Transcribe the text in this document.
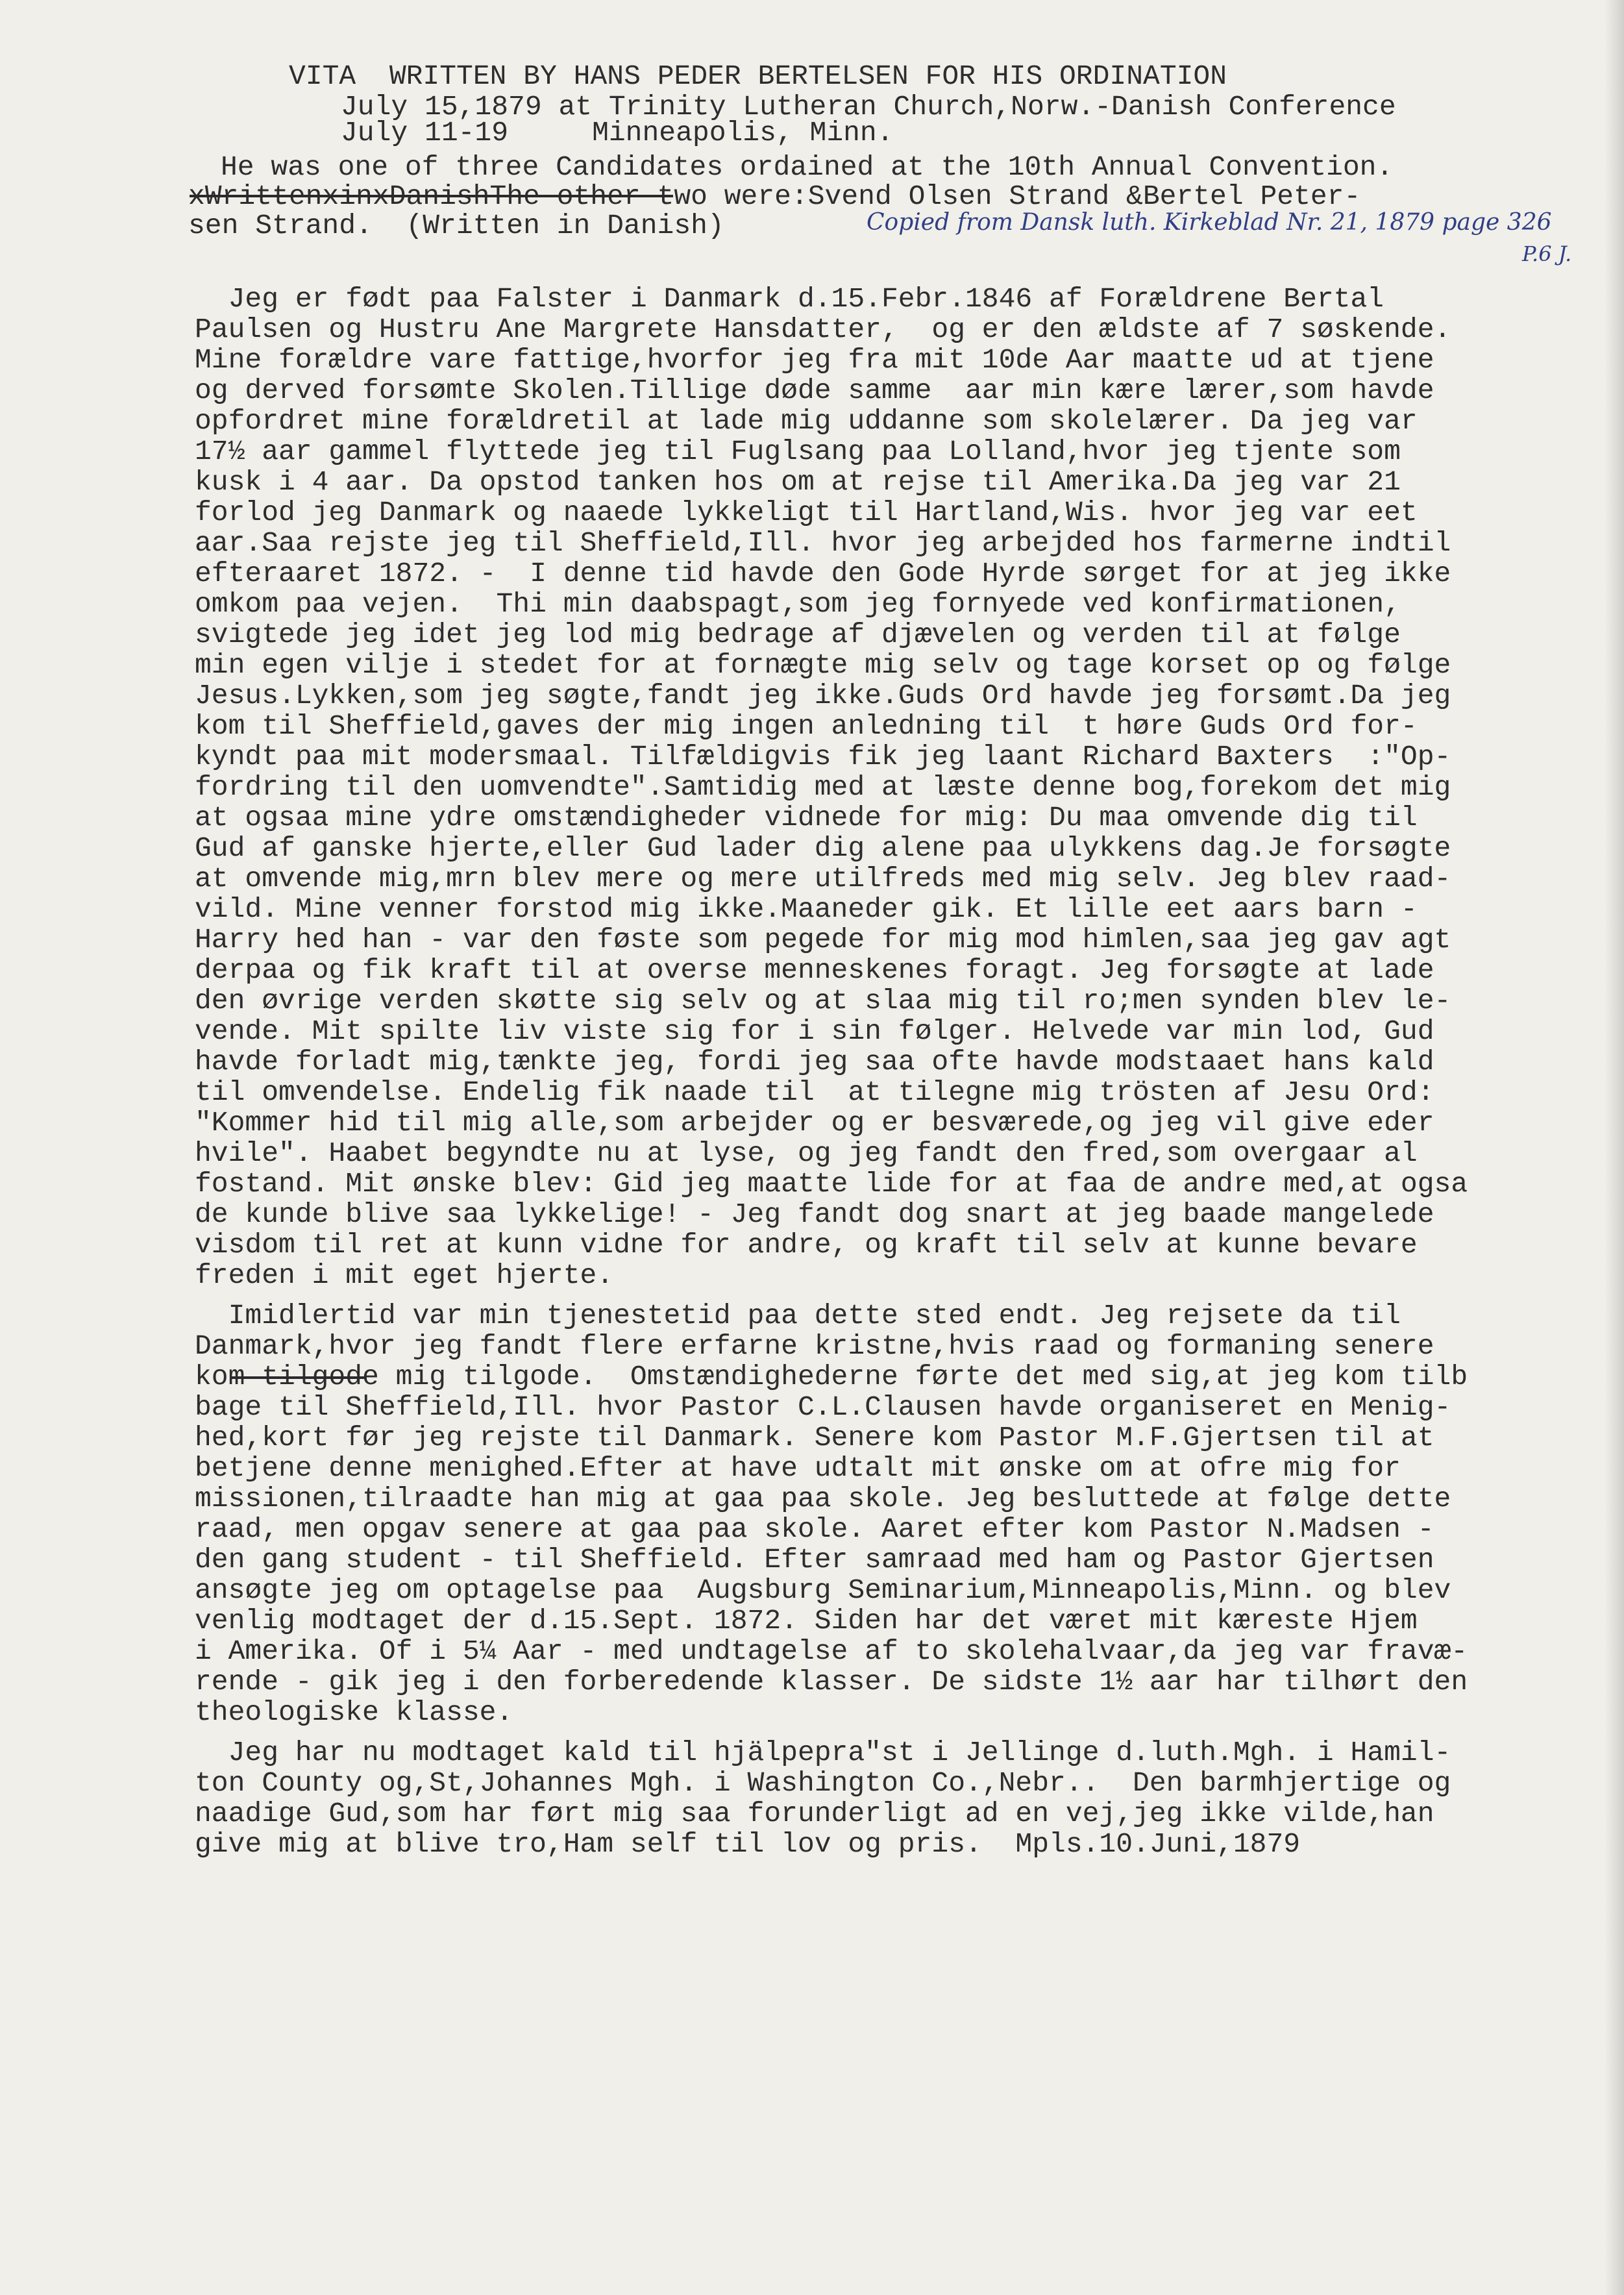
VITA  WRITTEN BY HANS PEDER BERTELSEN FOR HIS ORDINATION

July 15,1879 at Trinity Lutheran Church,Norw.-Danish Conference

July 11-19     Minneapolis, Minn.

He was one of three Candidates ordained at the 10th Annual Convention.

xWrittenxinxDanishThe other two were:Svend Olsen Strand &Bertel Peter-

sen Strand.  (Written in Danish)	Copied from Dansk luth. Kirkeblad Nr. 21, 1879 page 326

P.6 J.

Jeg er født paa Falster i Danmark d.15.Febr.1846 af Forældrene Bertal

Paulsen og Hustru Ane Margrete Hansdatter,  og er den ældste af 7 søskende.

Mine forældre vare fattige,hvorfor jeg fra mit 10de Aar maatte ud at tjene

og derved forsømte Skolen.Tillige døde samme  aar min kære lærer,som havde

opfordret mine forældretil at lade mig uddanne som skolelærer. Da jeg var

17½ aar gammel flyttede jeg til Fuglsang paa Lolland,hvor jeg tjente som

kusk i 4 aar. Da opstod tanken hos om at rejse til Amerika.Da jeg var 21

forlod jeg Danmark og naaede lykkeligt til Hartland,Wis. hvor jeg var eet

aar.Saa rejste jeg til Sheffield,Ill. hvor jeg arbejded hos farmerne indtil

efteraaret 1872. -  I denne tid havde den Gode Hyrde sørget for at jeg ikke

omkom paa vejen.  Thi min daabspagt,som jeg fornyede ved konfirmationen,

svigtede jeg idet jeg lod mig bedrage af djævelen og verden til at følge

min egen vilje i stedet for at fornægte mig selv og tage korset op og følge

Jesus.Lykken,som jeg søgte,fandt jeg ikke.Guds Ord havde jeg forsømt.Da jeg

kom til Sheffield,gaves der mig ingen anledning til  t høre Guds Ord for-

kyndt paa mit modersmaal. Tilfældigvis fik jeg laant Richard Baxters  :"Op-

fordring til den uomvendte".Samtidig med at læste denne bog,forekom det mig

at ogsaa mine ydre omstændigheder vidnede for mig: Du maa omvende dig til

Gud af ganske hjerte,eller Gud lader dig alene paa ulykkens dag.Je forsøgte

at omvende mig,mrn blev mere og mere utilfreds med mig selv. Jeg blev raad-

vild. Mine venner forstod mig ikke.Maaneder gik. Et lille eet aars barn -

Harry hed han - var den føste som pegede for mig mod himlen,saa jeg gav agt

derpaa og fik kraft til at overse menneskenes foragt. Jeg forsøgte at lade

den øvrige verden skøtte sig selv og at slaa mig til ro;men synden blev le-

vende. Mit spilte liv viste sig for i sin følger. Helvede var min lod, Gud

havde forladt mig,tænkte jeg, fordi jeg saa ofte havde modstaaet hans kald

til omvendelse. Endelig fik naade til  at tilegne mig trösten af Jesu Ord:

"Kommer hid til mig alle,som arbejder og er besværede,og jeg vil give eder

hvile". Haabet begyndte nu at lyse, og jeg fandt den fred,som overgaar al

fostand. Mit ønske blev: Gid jeg maatte lide for at faa de andre med,at ogsa

de kunde blive saa lykkelige! - Jeg fandt dog snart at jeg baade mangelede

visdom til ret at kunn vidne for andre, og kraft til selv at kunne bevare

freden i mit eget hjerte.

Imidlertid var min tjenestetid paa dette sted endt. Jeg rejsete da til

Danmark,hvor jeg fandt flere erfarne kristne,hvis raad og formaning senere

kom tilgode mig tilgode.  Omstændighederne førte det med sig,at jeg kom tilb

bage til Sheffield,Ill. hvor Pastor C.L.Clausen havde organiseret en Menig-

hed,kort før jeg rejste til Danmark. Senere kom Pastor M.F.Gjertsen til at

betjene denne menighed.Efter at have udtalt mit ønske om at ofre mig for

missionen,tilraadte han mig at gaa paa skole. Jeg besluttede at følge dette

raad, men opgav senere at gaa paa skole. Aaret efter kom Pastor N.Madsen -

den gang student - til Sheffield. Efter samraad med ham og Pastor Gjertsen

ansøgte jeg om optagelse paa  Augsburg Seminarium,Minneapolis,Minn. og blev

venlig modtaget der d.15.Sept. 1872. Siden har det været mit kæreste Hjem

i Amerika. Of i 5¼ Aar - med undtagelse af to skolehalvaar,da jeg var fravæ-

rende - gik jeg i den forberedende klasser. De sidste 1½ aar har tilhørt den

theologiske klasse.

Jeg har nu modtaget kald til hjälpepra"st i Jellinge d.luth.Mgh. i Hamil-

ton County og,St,Johannes Mgh. i Washington Co.,Nebr..  Den barmhjertige og

naadige Gud,som har ført mig saa forunderligt ad en vej,jeg ikke vilde,han

give mig at blive tro,Ham self til lov og pris.  Mpls.10.Juni,1879
